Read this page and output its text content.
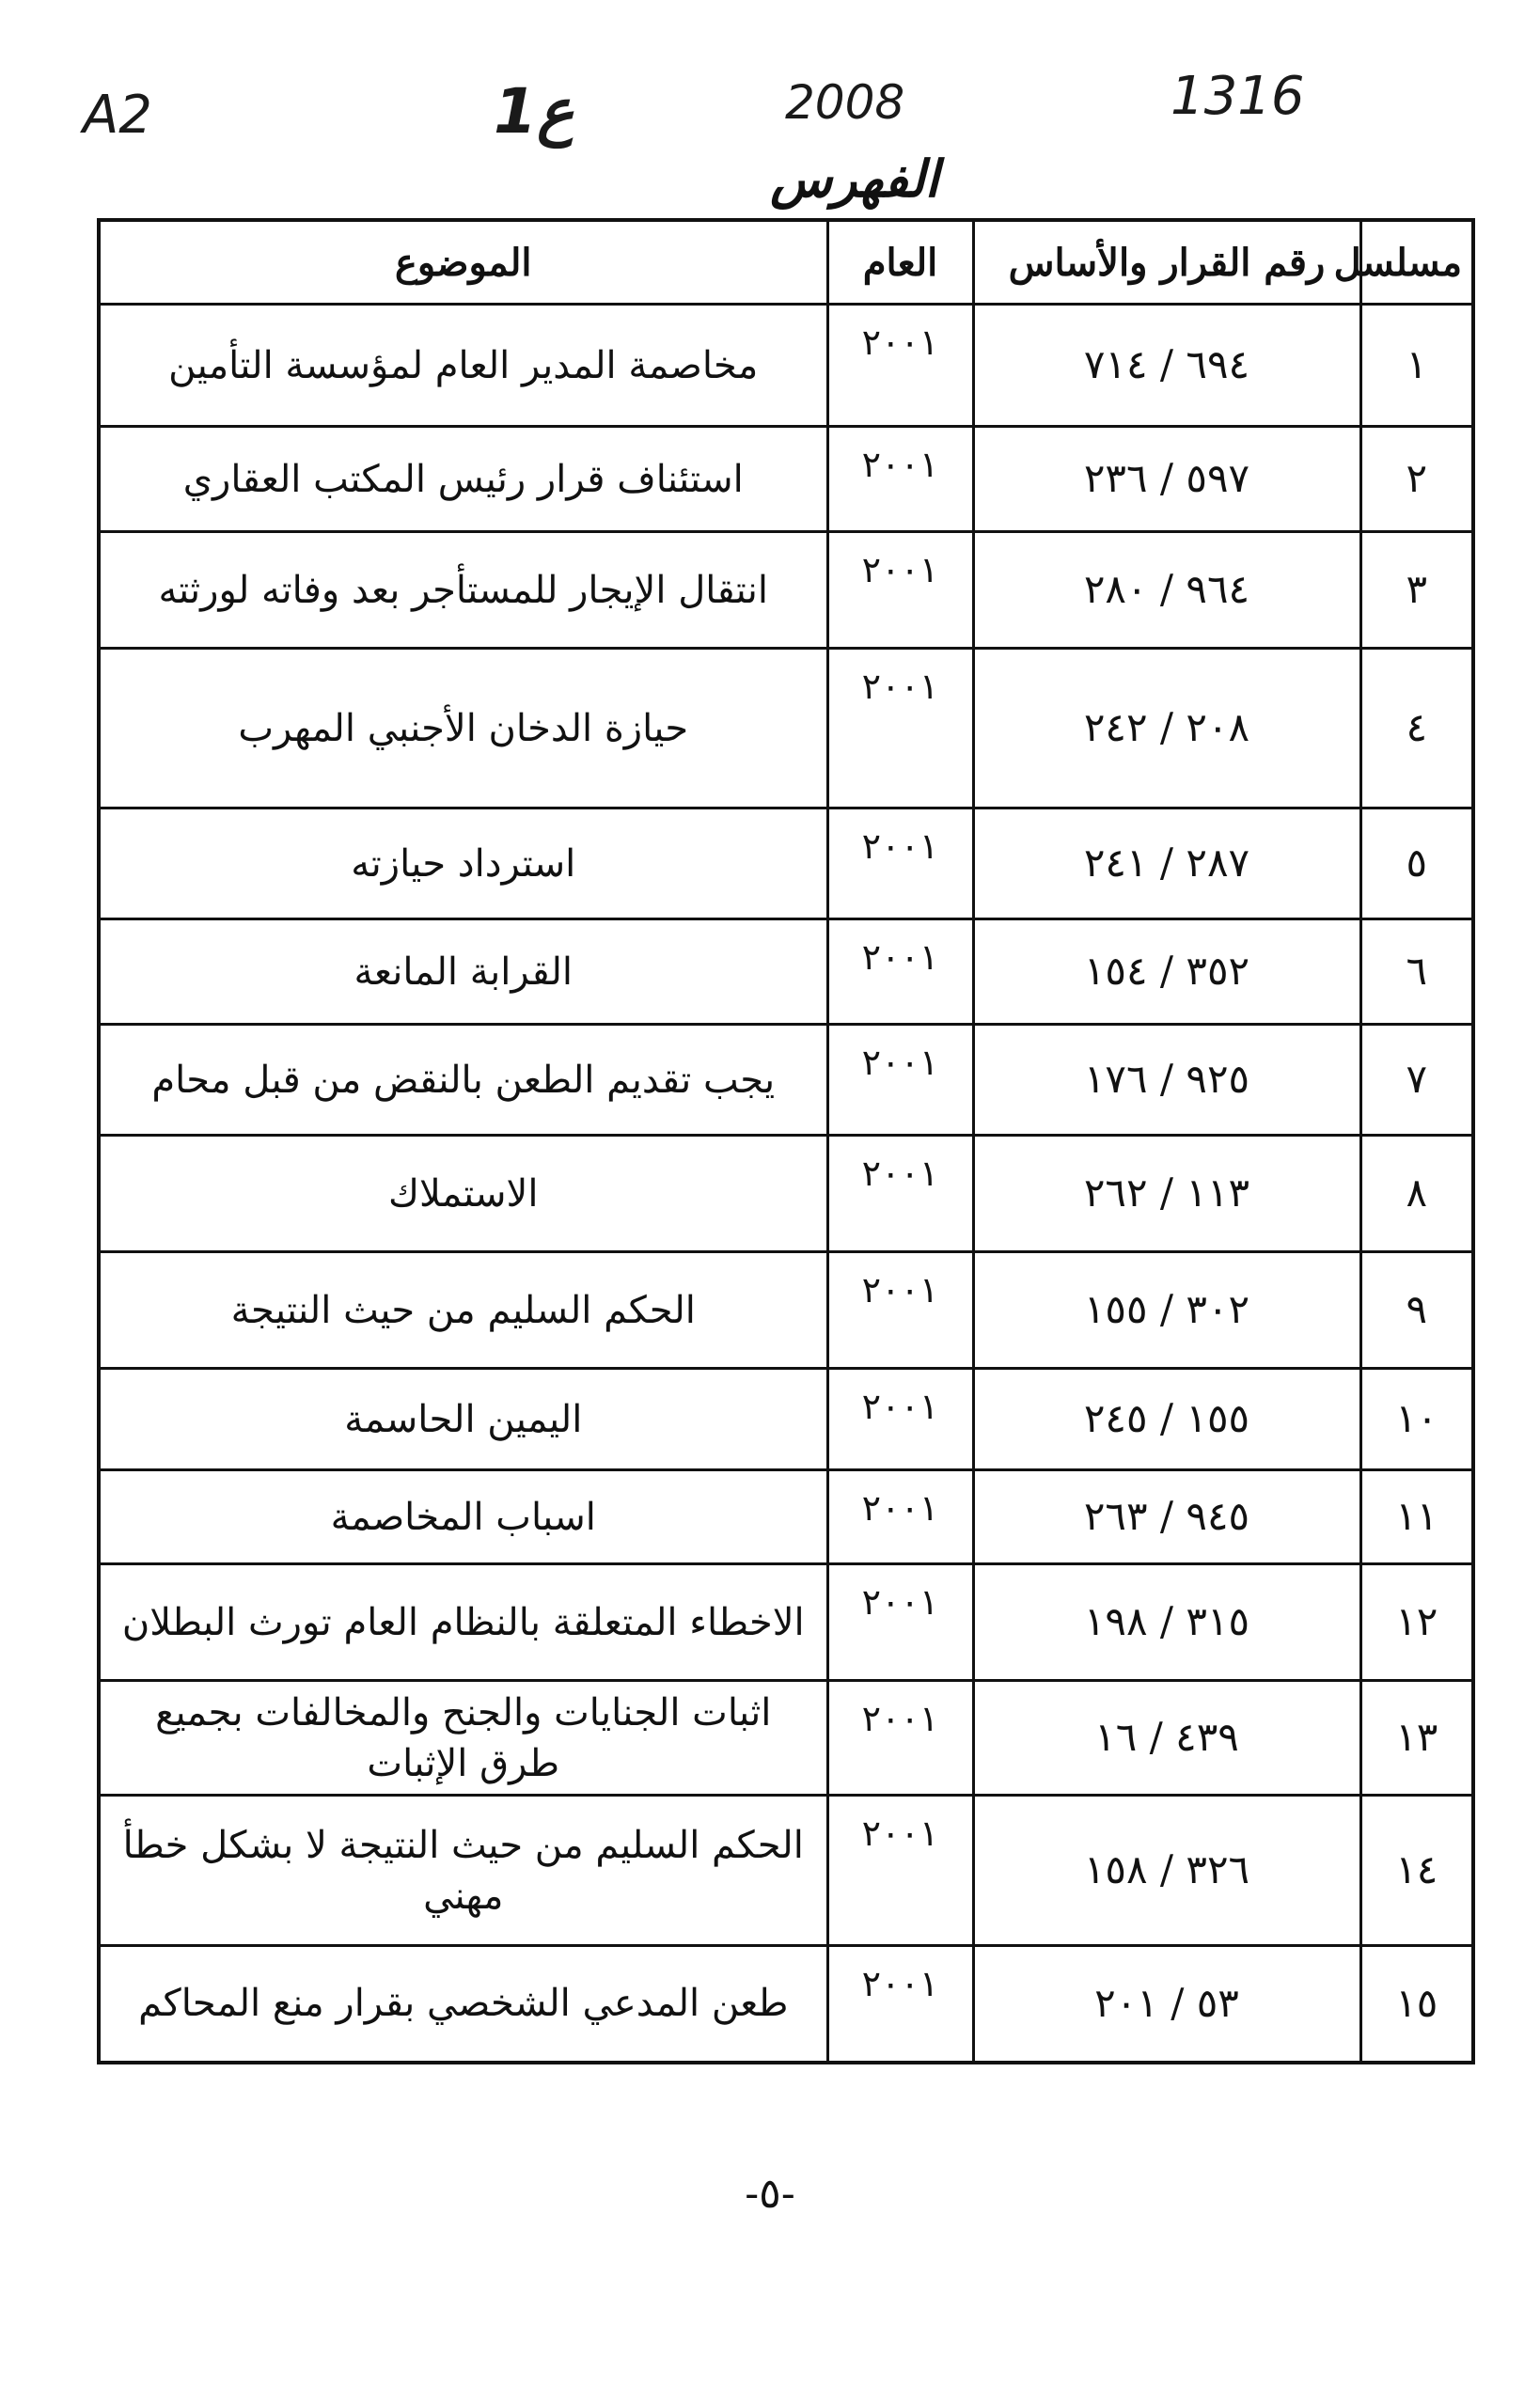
A2	1ع	2008	1316
الفهرس
مسلسل	رقم القرار والأساس	العام	الموضوع
١	٦٩٤ / ٧١٤	٢٠٠١	مخاصمة المدير العام لمؤسسة التأمين
٢	٥٩٧ / ٢٣٦	٢٠٠١	استئناف قرار رئيس المكتب العقاري
٣	٩٦٤ / ٢٨٠	٢٠٠١	انتقال الإيجار للمستأجر بعد وفاته لورثته
٤	٢٠٨ / ٢٤٢	٢٠٠١	حيازة الدخان الأجنبي المهرب
٥	٢٨٧ / ٢٤١	٢٠٠١	استرداد حيازته
٦	٣٥٢ / ١٥٤	٢٠٠١	القرابة المانعة
٧	٩٢٥ / ١٧٦	٢٠٠١	يجب تقديم الطعن بالنقض من قبل محام
٨	١١٣ / ٢٦٢	٢٠٠١	الاستملاك
٩	٣٠٢ / ١٥٥	٢٠٠١	الحكم السليم من حيث النتيجة
١٠	١٥٥ / ٢٤٥	٢٠٠١	اليمين الحاسمة
١١	٩٤٥ / ٢٦٣	٢٠٠١	اسباب المخاصمة
١٢	٣١٥ / ١٩٨	٢٠٠١	الاخطاء المتعلقة بالنظام العام تورث البطلان
١٣	٤٣٩ / ١٦	٢٠٠١	اثبات الجنايات والجنح والمخالفات بجميع طرق الإثبات
١٤	٣٢٦ / ١٥٨	٢٠٠١	الحكم السليم من حيث النتيجة لا بشكل خطأ مهني
١٥	٥٣ / ٢٠١	٢٠٠١	طعن المدعي الشخصي بقرار منع المحاكم
-٥-
